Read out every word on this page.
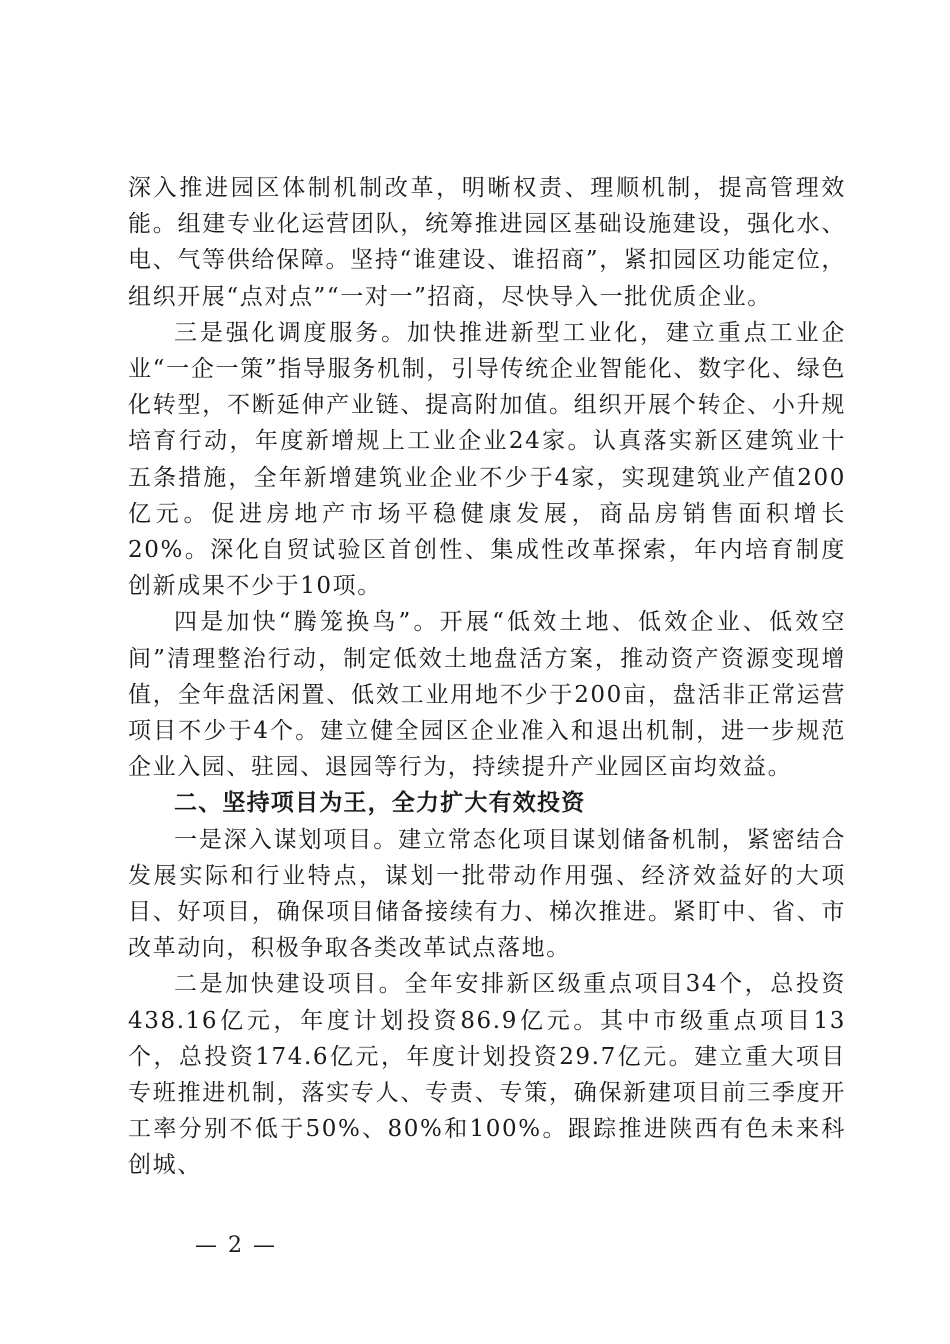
深入推进园区体制机制改革，明晰权责、理顺机制，提高管理效能。组建专业化运营团队，统筹推进园区基础设施建设，强化水、电、气等供给保障。坚持“谁建设、谁招商”，紧扣园区功能定位，组织开展“点对点”“一对一”招商，尽快导入一批优质企业。

三是强化调度服务。加快推进新型工业化，建立重点工业企业“一企一策”指导服务机制，引导传统企业智能化、数字化、绿色化转型，不断延伸产业链、提高附加值。组织开展个转企、小升规培育行动，年度新增规上工业企业24家。认真落实新区建筑业十五条措施，全年新增建筑业企业不少于4家，实现建筑业产值200亿元。促进房地产市场平稳健康发展，商品房销售面积增长20%。深化自贸试验区首创性、集成性改革探索，年内培育制度创新成果不少于10项。

四是加快“腾笼换鸟”。开展“低效土地、低效企业、低效空间”清理整治行动，制定低效土地盘活方案，推动资产资源变现增值，全年盘活闲置、低效工业用地不少于200亩，盘活非正常运营项目不少于4个。建立健全园区企业准入和退出机制，进一步规范企业入园、驻园、退园等行为，持续提升产业园区亩均效益。

二、坚持项目为王，全力扩大有效投资

一是深入谋划项目。建立常态化项目谋划储备机制，紧密结合发展实际和行业特点，谋划一批带动作用强、经济效益好的大项目、好项目，确保项目储备接续有力、梯次推进。紧盯中、省、市改革动向，积极争取各类改革试点落地。

二是加快建设项目。全年安排新区级重点项目34个，总投资438.16亿元，年度计划投资86.9亿元。其中市级重点项目13个，总投资174.6亿元，年度计划投资29.7亿元。建立重大项目专班推进机制，落实专人、专责、专策，确保新建项目前三季度开工率分别不低于50%、80%和100%。跟踪推进陕西有色未来科创城、

— 2 —
